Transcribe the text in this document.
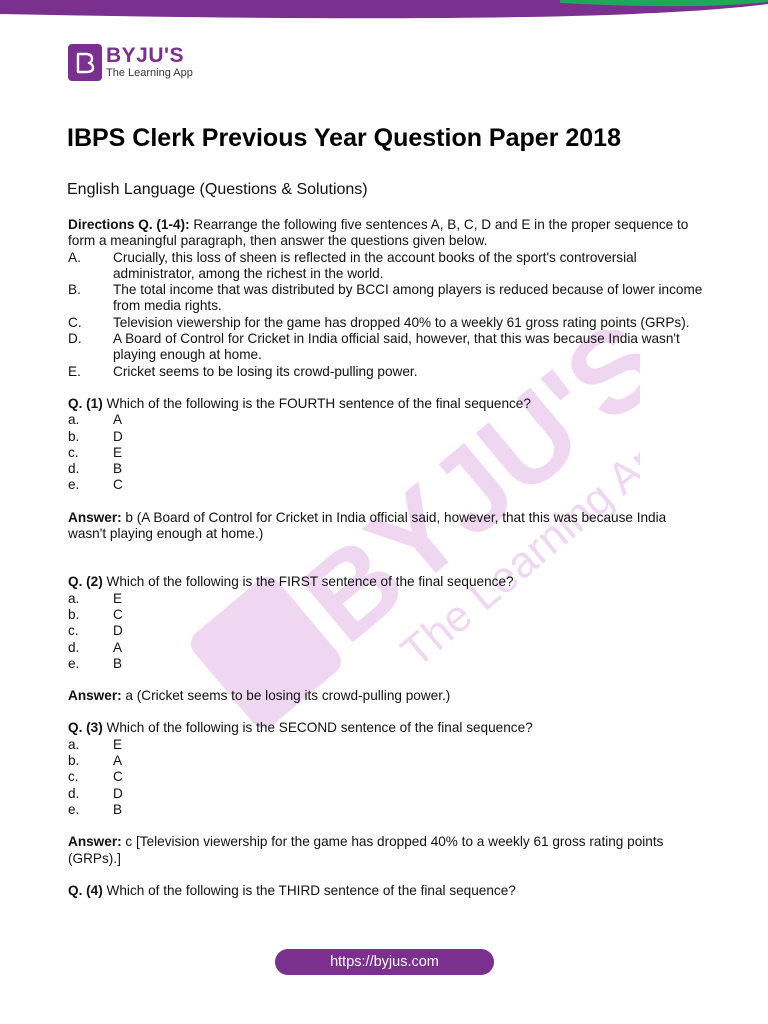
BYJU'S
The Learning App
BYJU'S
The Learning App
IBPS Clerk Previous Year Question Paper 2018
English Language (Questions & Solutions)

Directions Q. (1-4): Rearrange the following five sentences A, B, C, D and E in the proper sequence to form a meaningful paragraph, then answer the questions given below.

A.	Crucially, this loss of sheen is reflected in the account books of the sport's controversial administrator, among the richest in the world.
B.	The total income that was distributed by BCCI among players is reduced because of lower income from media rights.
C.	Television viewership for the game has dropped 40% to a weekly 61 gross rating points (GRPs).
D.	A Board of Control for Cricket in India official said, however, that this was because India wasn't playing enough at home.
E.	Cricket seems to be losing its crowd-pulling power.

Q. (1) Which of the following is the FOURTH sentence of the final sequence?

a.	A
b.	D
c.	E
d.	B
e.	C

Answer: b (A Board of Control for Cricket in India official said, however, that this was because India wasn't playing enough at home.)

Q. (2) Which of the following is the FIRST sentence of the final sequence?

a.	E
b.	C
c.	D
d.	A
e.	B

Answer: a (Cricket seems to be losing its crowd-pulling power.)

Q. (3) Which of the following is the SECOND sentence of the final sequence?

a.	E
b.	A
c.	C
d.	D
e.	B

Answer: c [Television viewership for the game has dropped 40% to a weekly 61 gross rating points (GRPs).]

Q. (4) Which of the following is the THIRD sentence of the final sequence?

https://byjus.com
